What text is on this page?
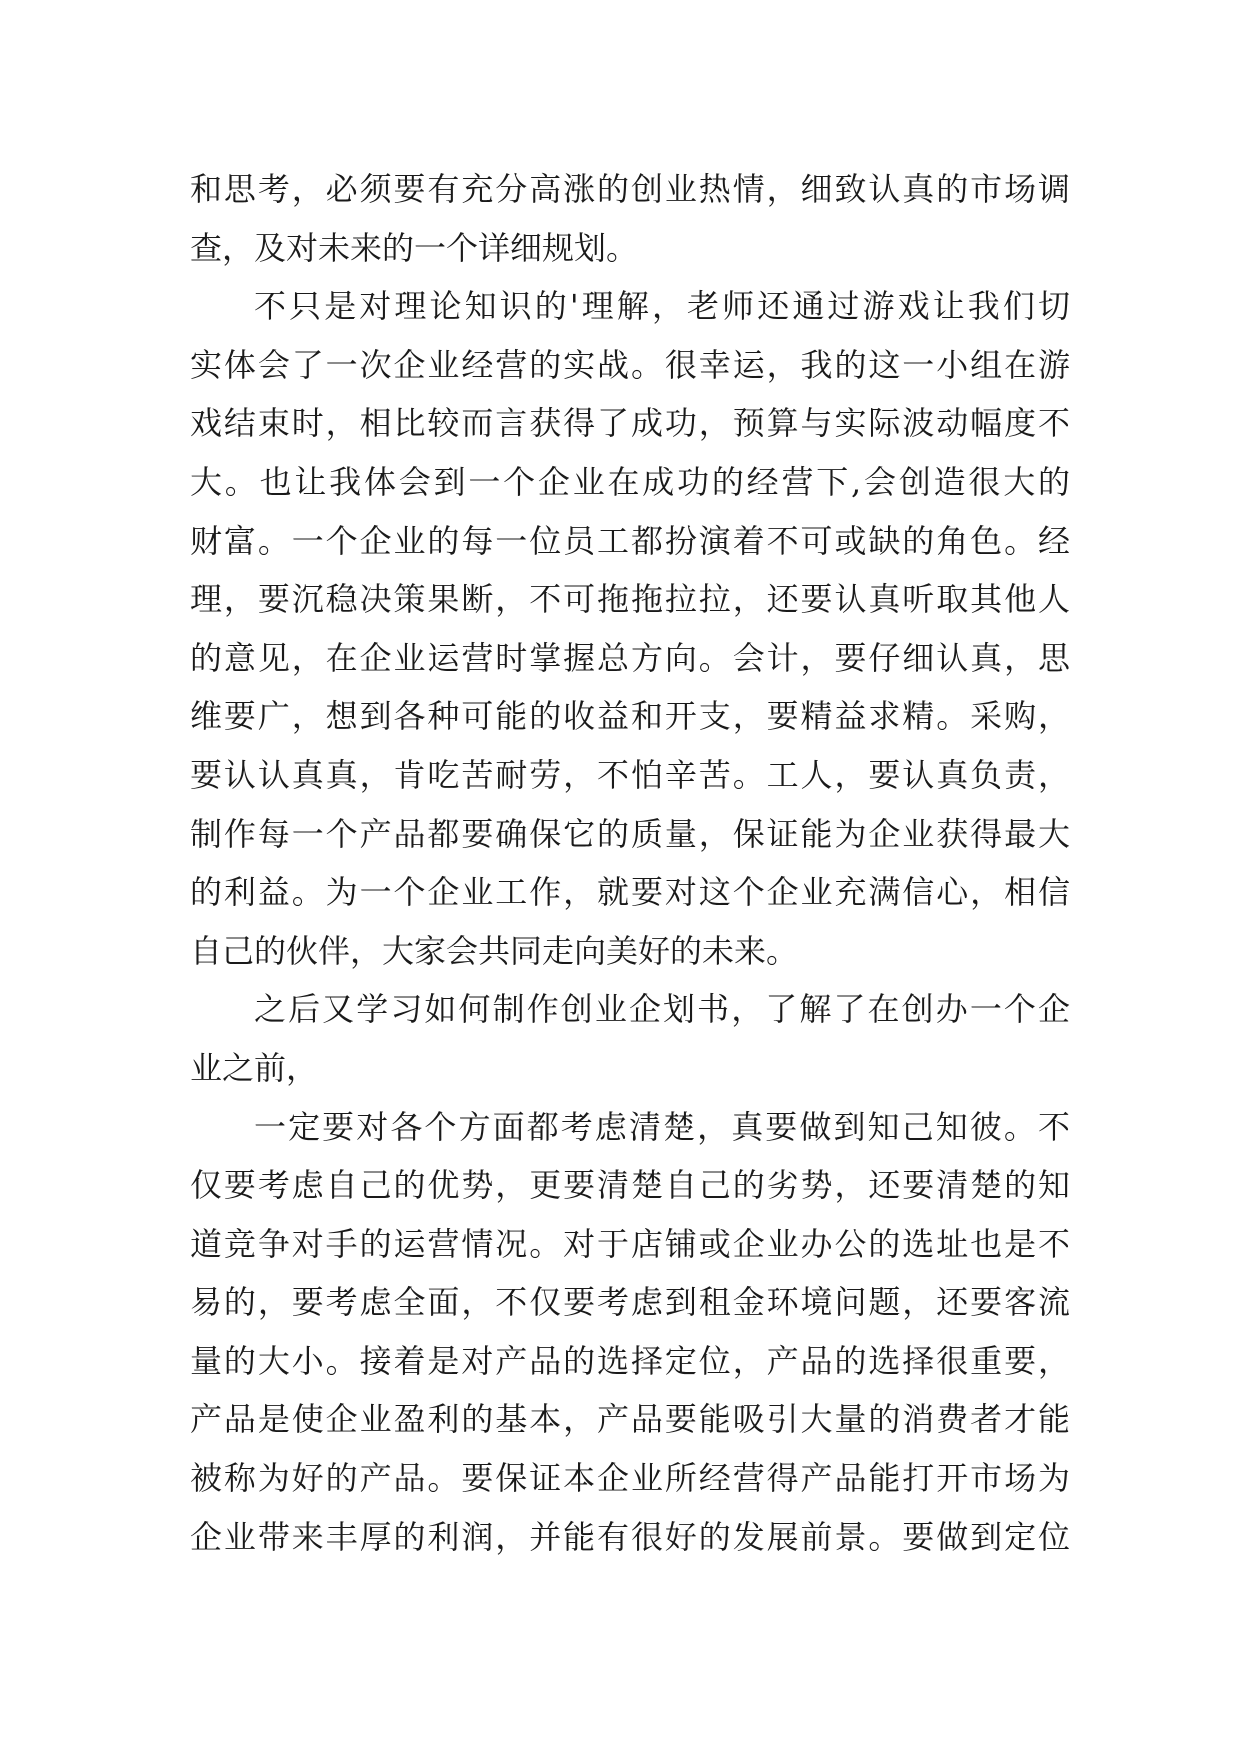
和思考，必须要有充分高涨的创业热情，细致认真的市场调
查，及对未来的一个详细规划。
不只是对理论知识的'理解，老师还通过游戏让我们切
实体会了一次企业经营的实战。很幸运，我的这一小组在游
戏结束时，相比较而言获得了成功，预算与实际波动幅度不
大。也让我体会到一个企业在成功的经营下,会创造很大的
财富。一个企业的每一位员工都扮演着不可或缺的角色。经
理，要沉稳决策果断，不可拖拖拉拉，还要认真听取其他人
的意见，在企业运营时掌握总方向。会计，要仔细认真，思
维要广，想到各种可能的收益和开支，要精益求精。采购，
要认认真真，肯吃苦耐劳，不怕辛苦。工人，要认真负责，
制作每一个产品都要确保它的质量，保证能为企业获得最大
的利益。为一个企业工作，就要对这个企业充满信心，相信
自己的伙伴，大家会共同走向美好的未来。
之后又学习如何制作创业企划书，了解了在创办一个企
业之前，
一定要对各个方面都考虑清楚，真要做到知己知彼。不
仅要考虑自己的优势，更要清楚自己的劣势，还要清楚的知
道竞争对手的运营情况。对于店铺或企业办公的选址也是不
易的，要考虑全面，不仅要考虑到租金环境问题，还要客流
量的大小。接着是对产品的选择定位，产品的选择很重要，
产品是使企业盈利的基本，产品要能吸引大量的消费者才能
被称为好的产品。要保证本企业所经营得产品能打开市场为
企业带来丰厚的利润，并能有很好的发展前景。要做到定位
